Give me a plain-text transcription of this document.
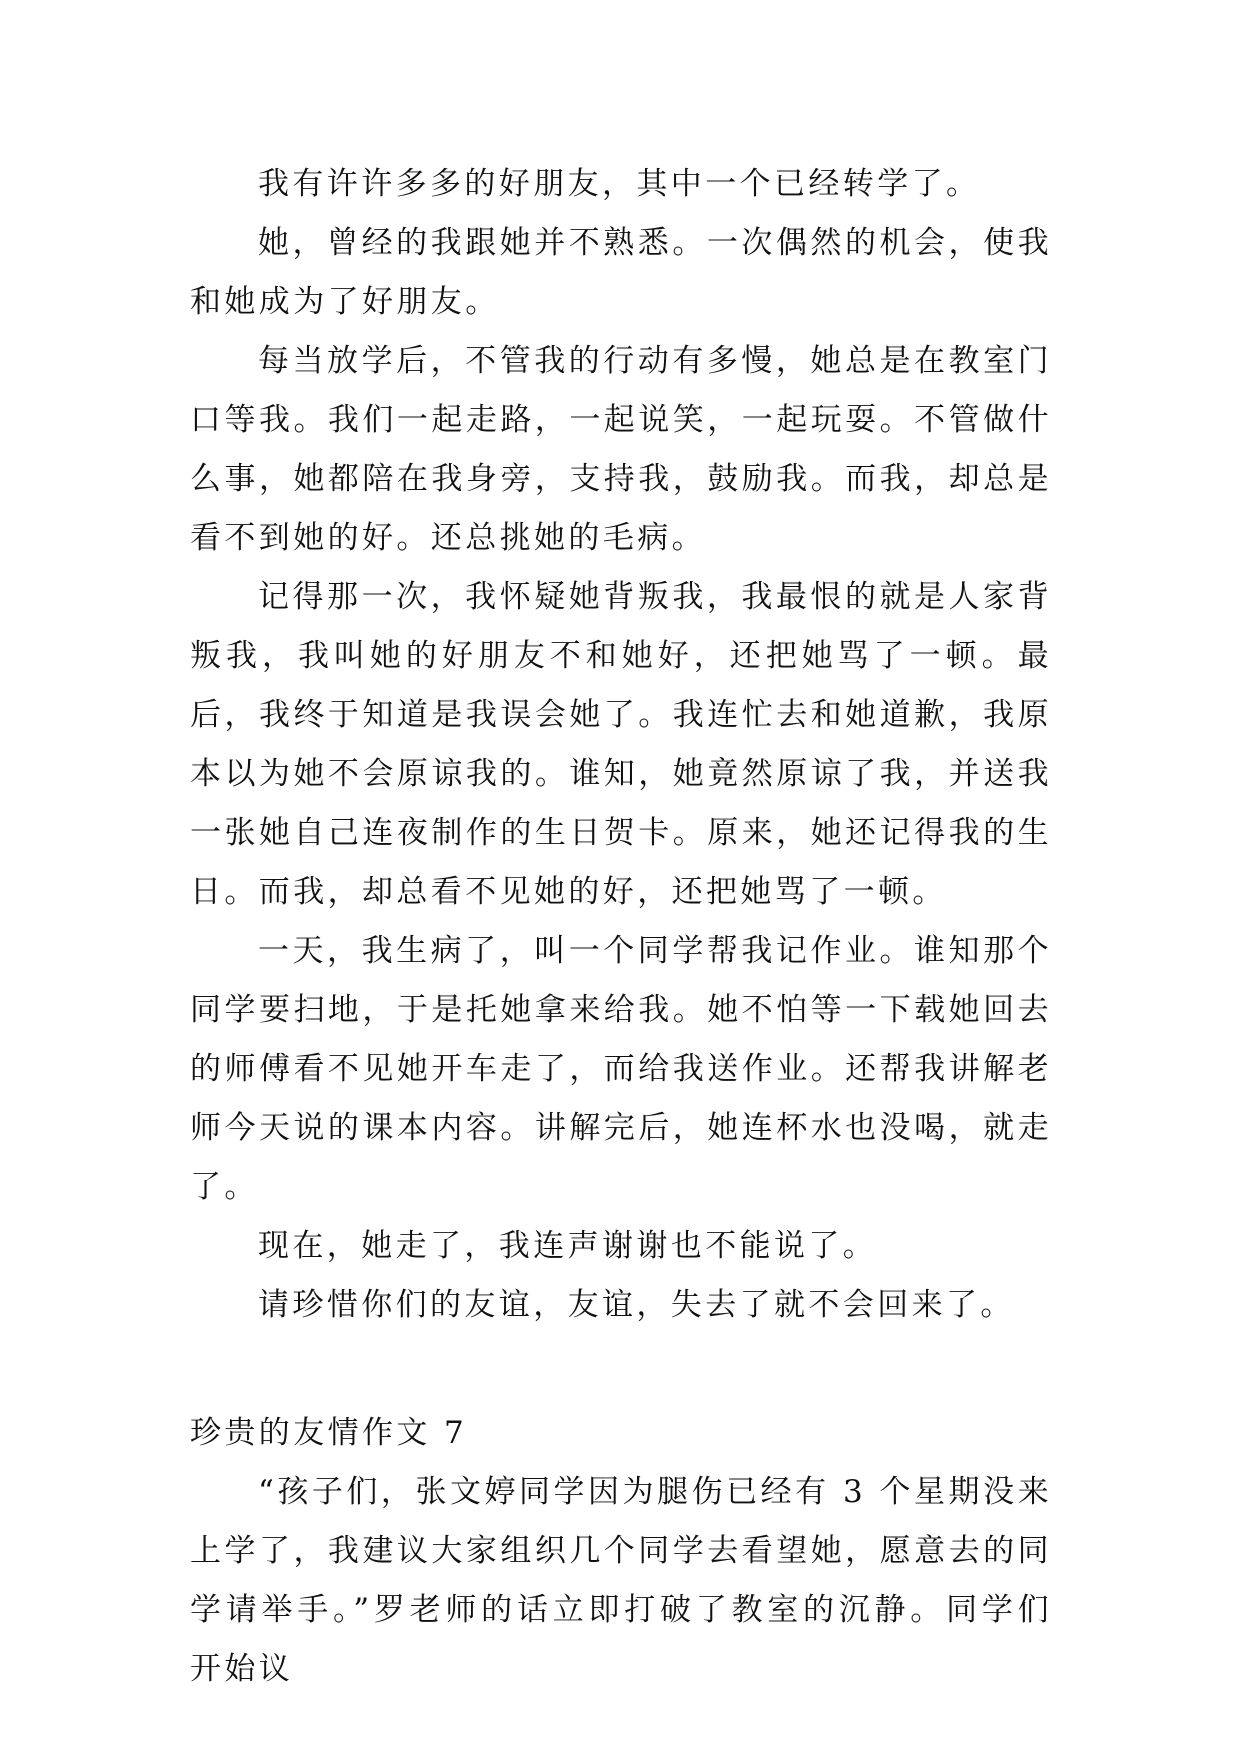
我有许许多多的好朋友，其中一个已经转学了。

她，曾经的我跟她并不熟悉。一次偶然的机会，使我和她成为了好朋友。

每当放学后，不管我的行动有多慢，她总是在教室门口等我。我们一起走路，一起说笑，一起玩耍。不管做什么事，她都陪在我身旁，支持我，鼓励我。而我，却总是看不到她的好。还总挑她的毛病。

记得那一次，我怀疑她背叛我，我最恨的就是人家背叛我，我叫她的好朋友不和她好，还把她骂了一顿。最后，我终于知道是我误会她了。我连忙去和她道歉，我原本以为她不会原谅我的。谁知，她竟然原谅了我，并送我一张她自己连夜制作的生日贺卡。原来，她还记得我的生日。而我，却总看不见她的好，还把她骂了一顿。

一天，我生病了，叫一个同学帮我记作业。谁知那个同学要扫地，于是托她拿来给我。她不怕等一下载她回去的师傅看不见她开车走了，而给我送作业。还帮我讲解老师今天说的课本内容。讲解完后，她连杯水也没喝，就走了。

现在，她走了，我连声谢谢也不能说了。

请珍惜你们的友谊，友谊，失去了就不会回来了。

珍贵的友情作文 7

“孩子们，张文婷同学因为腿伤已经有 3 个星期没来上学了，我建议大家组织几个同学去看望她，愿意去的同学请举手。”罗老师的话立即打破了教室的沉静。同学们开始议
